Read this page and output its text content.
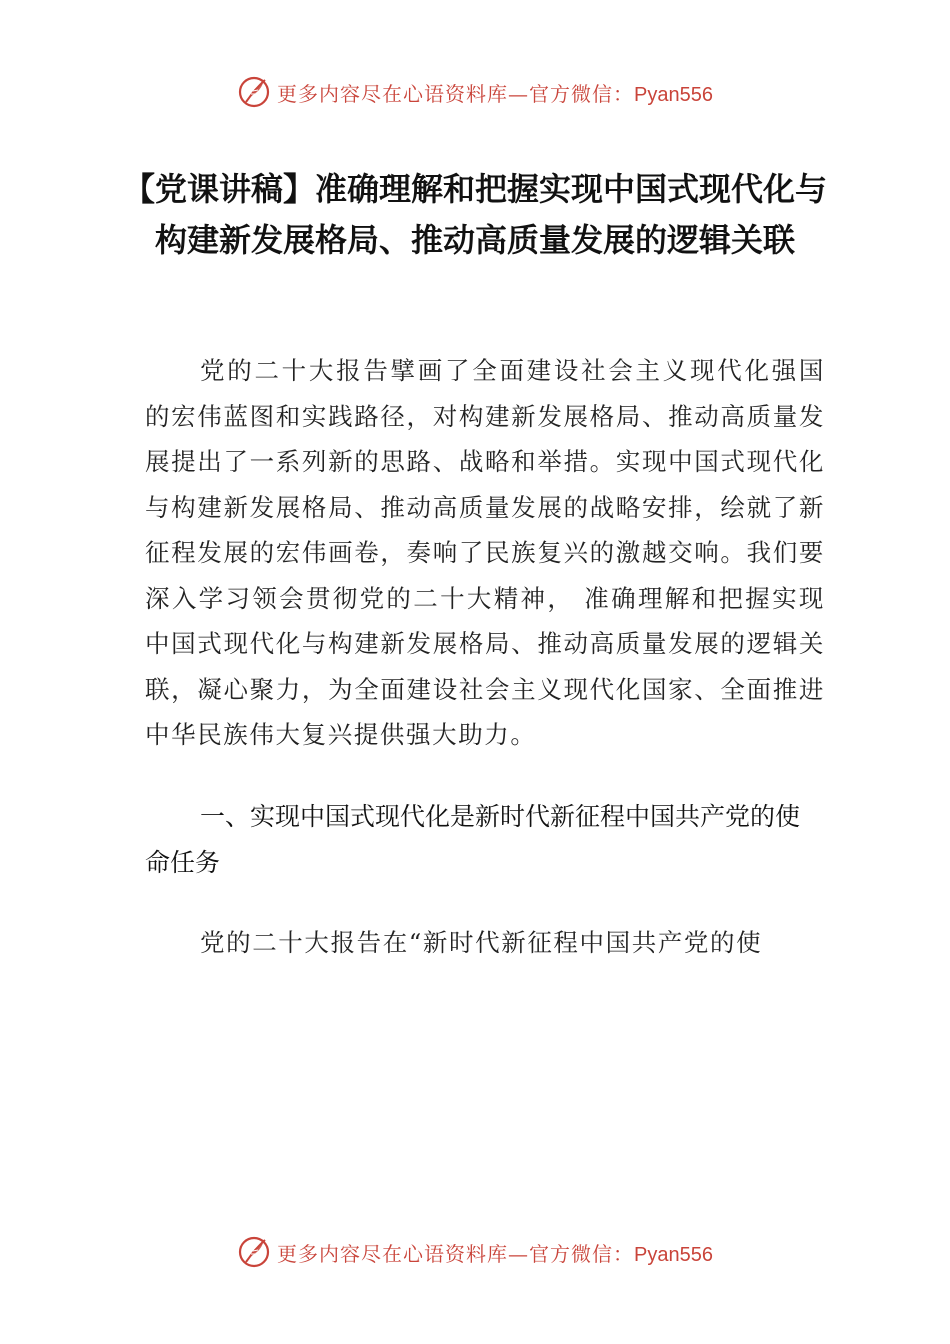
更多内容尽在心语资料库—官方微信：Pyan556
【党课讲稿】准确理解和把握实现中国式现代化与构建新发展格局、推动高质量发展的逻辑关联

党的二十大报告擘画了全面建设社会主义现代化强国的宏伟蓝图和实践路径，对构建新发展格局、推动高质量发展提出了一系列新的思路、战略和举措。实现中国式现代化与构建新发展格局、推动高质量发展的战略安排，绘就了新征程发展的宏伟画卷，奏响了民族复兴的激越交响。我们要深入学习领会贯彻党的二十大精神， 准确理解和把握实现中国式现代化与构建新发展格局、推动高质量发展的逻辑关联，凝心聚力，为全面建设社会主义现代化国家、全面推进中华民族伟大复兴提供强大助力。

一、实现中国式现代化是新时代新征程中国共产党的使命任务

党的二十大报告在“新时代新征程中国共产党的使

更多内容尽在心语资料库—官方微信：Pyan556
